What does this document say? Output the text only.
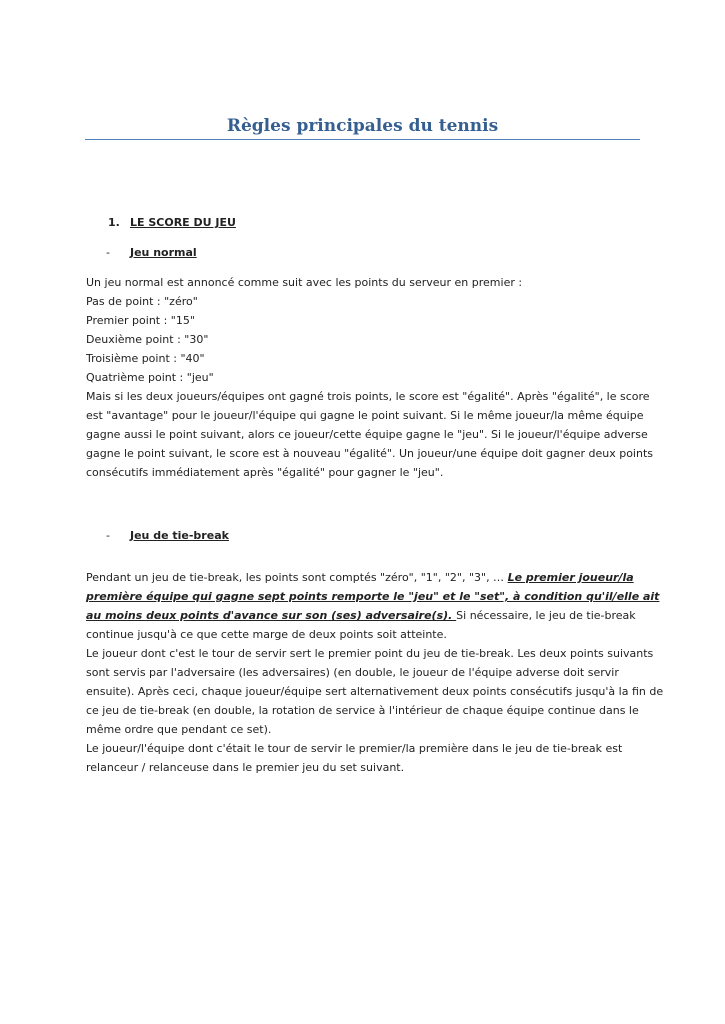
Règles principales du tennis
1. LE SCORE DU JEU
- Jeu normal
Un jeu normal est annoncé comme suit avec les points du serveur en premier :
Pas de point : "zéro"
Premier point : "15"
Deuxième point : "30"
Troisième point : "40"
Quatrième point : "jeu"
Mais si les deux joueurs/équipes ont gagné trois points, le score est "égalité". Après "égalité", le score
est "avantage" pour le joueur/l'équipe qui gagne le point suivant. Si le même joueur/la même équipe
gagne aussi le point suivant, alors ce joueur/cette équipe gagne le "jeu". Si le joueur/l'équipe adverse
gagne le point suivant, le score est à nouveau "égalité". Un joueur/une équipe doit gagner deux points
consécutifs immédiatement après "égalité" pour gagner le "jeu".
- Jeu de tie-break
Pendant un jeu de tie-break, les points sont comptés "zéro", "1", "2", "3", … Le premier joueur/la
première équipe qui gagne sept points remporte le "jeu" et le "set", à condition qu'il/elle ait
au moins deux points d'avance sur son (ses) adversaire(s). Si nécessaire, le jeu de tie-break
continue jusqu'à ce que cette marge de deux points soit atteinte.
Le joueur dont c'est le tour de servir sert le premier point du jeu de tie-break. Les deux points suivants
sont servis par l'adversaire (les adversaires) (en double, le joueur de l'équipe adverse doit servir
ensuite). Après ceci, chaque joueur/équipe sert alternativement deux points consécutifs jusqu'à la fin de
ce jeu de tie-break (en double, la rotation de service à l'intérieur de chaque équipe continue dans le
même ordre que pendant ce set).
Le joueur/l'équipe dont c'était le tour de servir le premier/la première dans le jeu de tie-break est
relanceur / relanceuse dans le premier jeu du set suivant.
